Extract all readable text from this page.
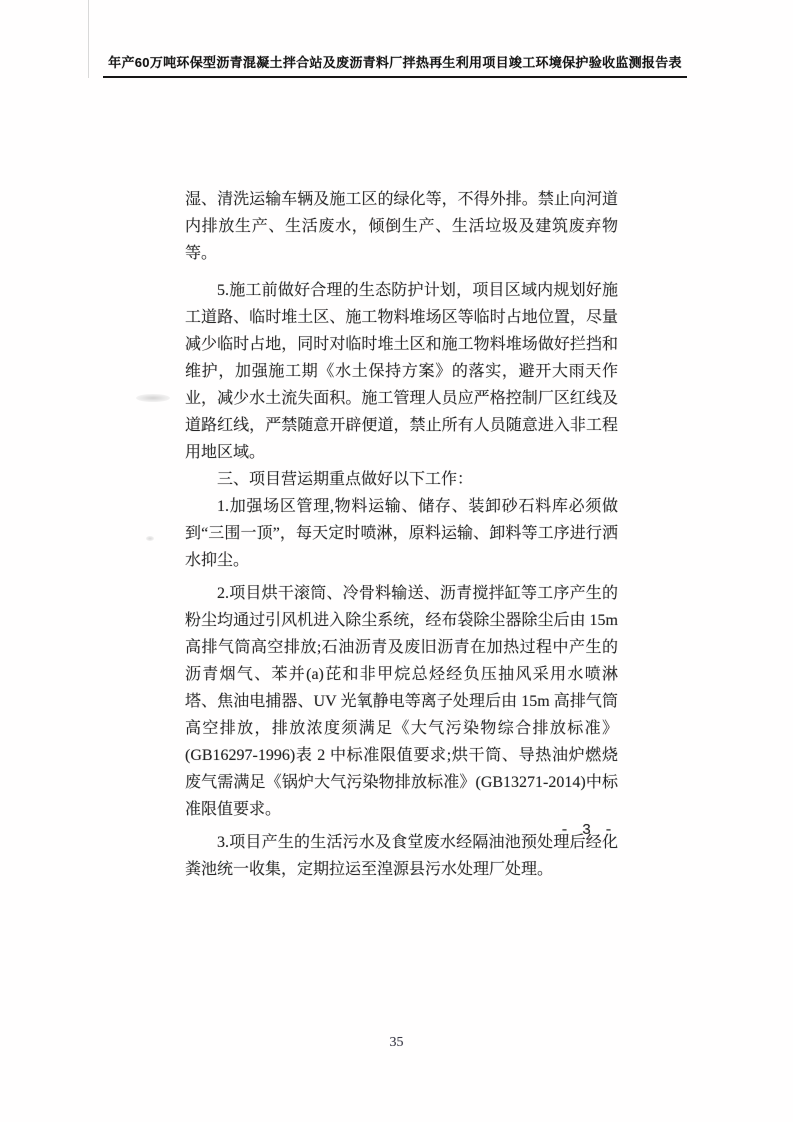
年产60万吨环保型沥青混凝土拌合站及废沥青料厂拌热再生利用项目竣工环境保护验收监测报告表

湿、清洗运输车辆及施工区的绿化等，不得外排。禁止向河道内排放生产、生活废水，倾倒生产、生活垃圾及建筑废弃物等。

5.施工前做好合理的生态防护计划，项目区域内规划好施工道路、临时堆土区、施工物料堆场区等临时占地位置，尽量减少临时占地，同时对临时堆土区和施工物料堆场做好拦挡和维护，加强施工期《水土保持方案》的落实，避开大雨天作业，减少水土流失面积。施工管理人员应严格控制厂区红线及道路红线，严禁随意开辟便道，禁止所有人员随意进入非工程用地区域。

三、项目营运期重点做好以下工作：

1.加强场区管理,物料运输、储存、装卸砂石料库必须做到“三围一顶”，每天定时喷淋，原料运输、卸料等工序进行洒水抑尘。

2.项目烘干滚筒、冷骨料输送、沥青搅拌缸等工序产生的粉尘均通过引风机进入除尘系统，经布袋除尘器除尘后由 15m 高排气筒高空排放;石油沥青及废旧沥青在加热过程中产生的沥青烟气、苯并(a)芘和非甲烷总烃经负压抽风采用水喷淋塔、焦油电捕器、UV 光氧静电等离子处理后由 15m 高排气筒高空排放，排放浓度须满足《大气污染物综合排放标准》(GB16297-1996)表 2 中标准限值要求;烘干筒、导热油炉燃烧废气需满足《锅炉大气污染物排放标准》(GB13271-2014)中标准限值要求。

3.项目产生的生活污水及食堂废水经隔油池预处理后经化粪池统一收集，定期拉运至湟源县污水处理厂处理。

- 3 -
35
